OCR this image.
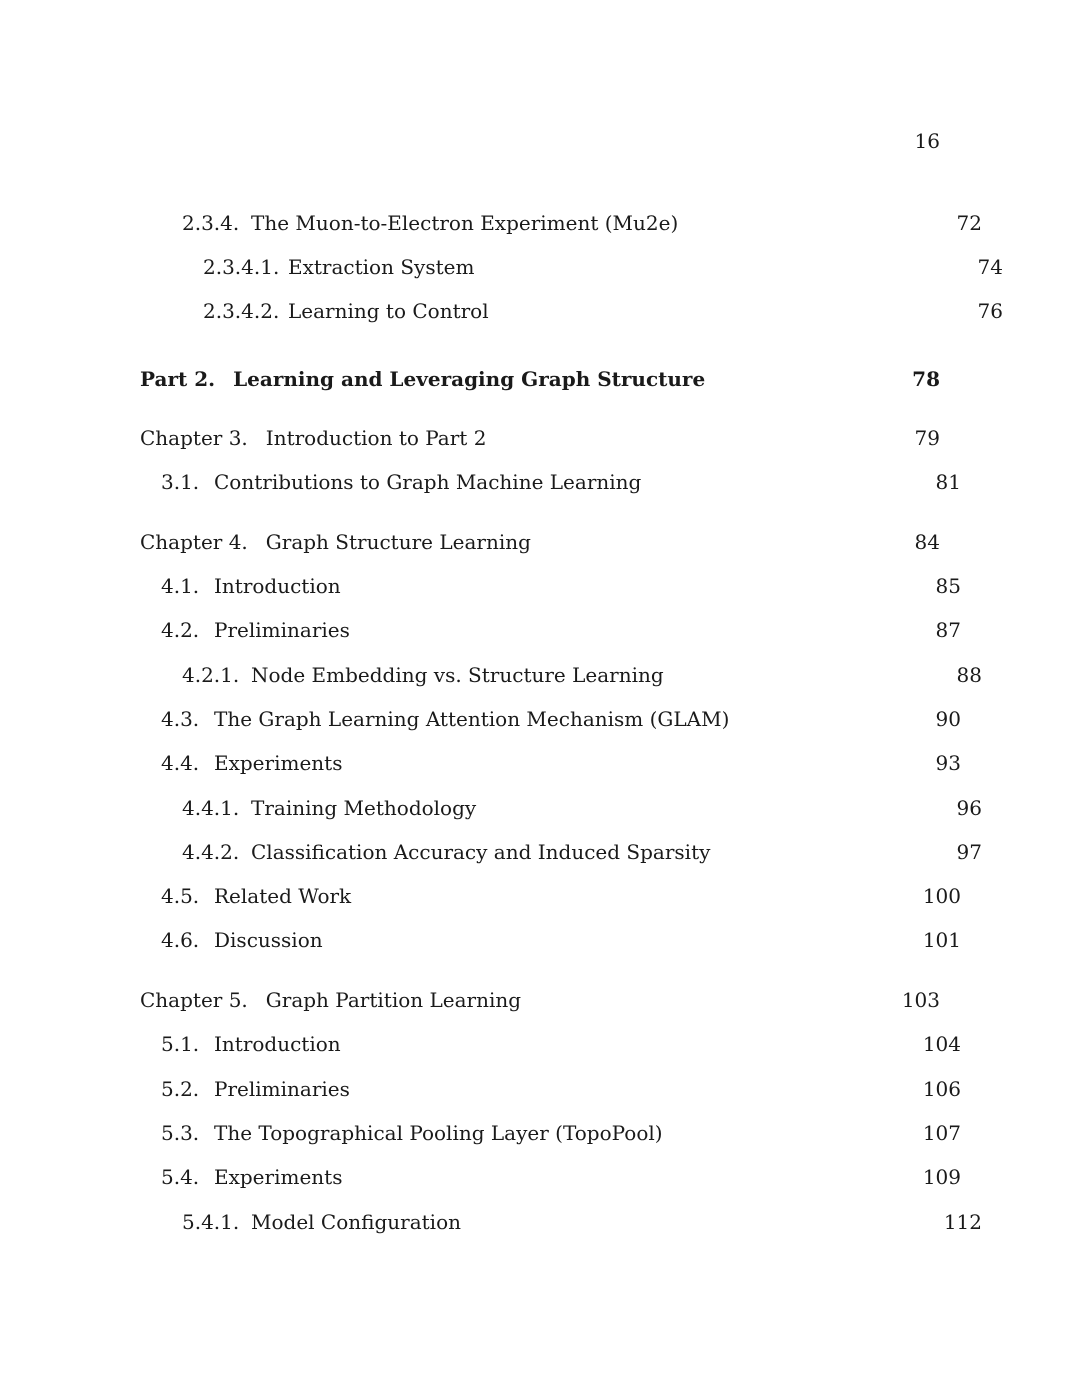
16
2.3.4. The Muon-to-Electron Experiment (Mu2e)	72
2.3.4.1. Extraction System	74
2.3.4.2. Learning to Control	76
Part 2. Learning and Leveraging Graph Structure	78
Chapter 3. Introduction to Part 2	79
3.1. Contributions to Graph Machine Learning	81
Chapter 4. Graph Structure Learning	84
4.1. Introduction	85
4.2. Preliminaries	87
4.2.1. Node Embedding vs. Structure Learning	88
4.3. The Graph Learning Attention Mechanism (GLAM)	90
4.4. Experiments	93
4.4.1. Training Methodology	96
4.4.2. Classification Accuracy and Induced Sparsity	97
4.5. Related Work	100
4.6. Discussion	101
Chapter 5. Graph Partition Learning	103
5.1. Introduction	104
5.2. Preliminaries	106
5.3. The Topographical Pooling Layer (TopoPool)	107
5.4. Experiments	109
5.4.1. Model Configuration	112
